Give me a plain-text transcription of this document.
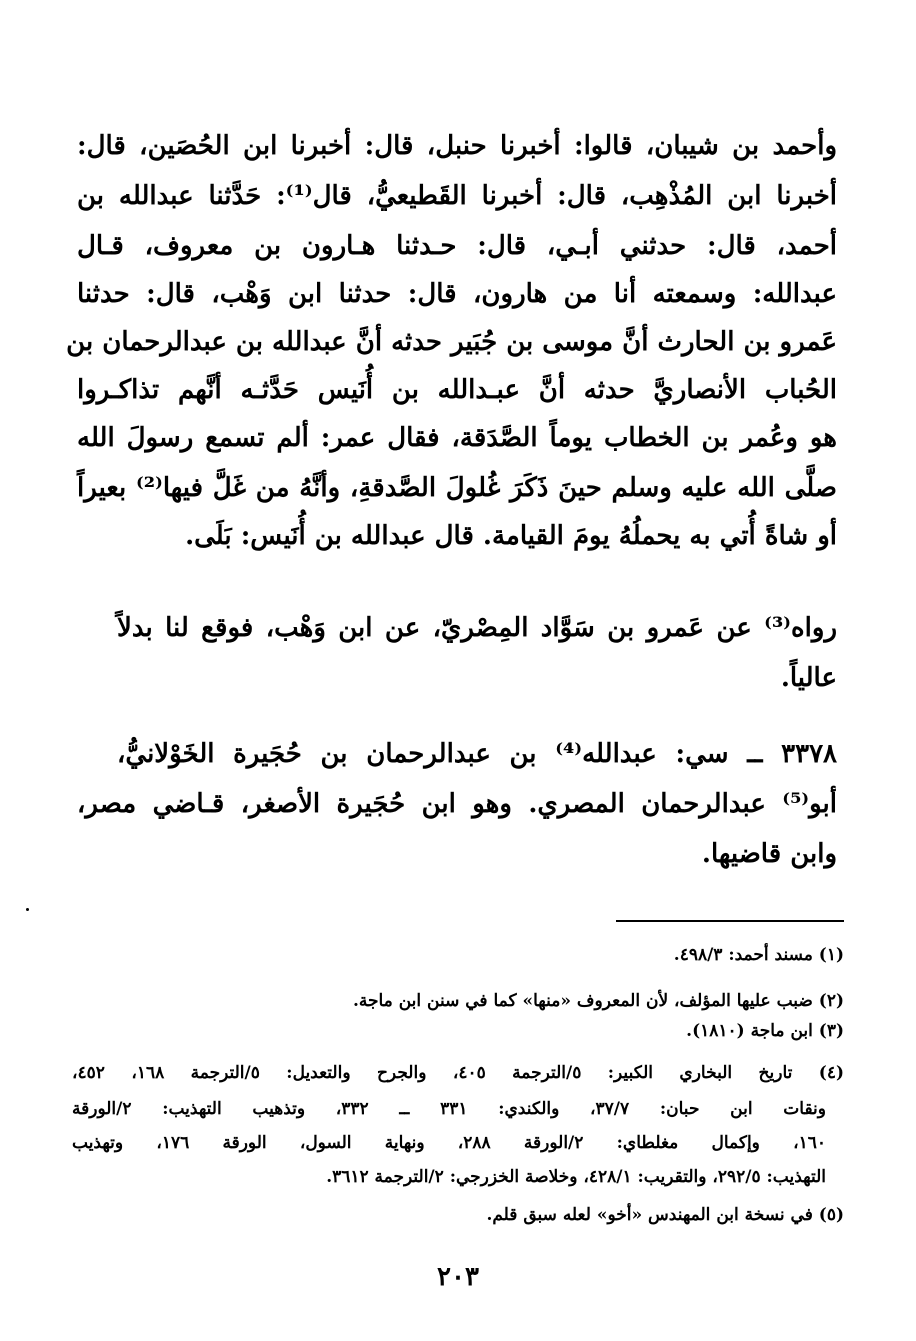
وأحمد بن شيبان، قالوا: أخبرنا حنبل، قال: أخبرنا ابن الحُصَين، قال:
أخبرنا ابن المُذْهِب، قال: أخبرنا القَطيعيُّ، قال⁽¹⁾: حَدَّثنا عبدالله بن
أحمد، قال: حدثني أبـي، قال: حـدثنا هـارون بن معروف، قـال
عبدالله: وسمعته أنا من هارون، قال: حدثنا ابن وَهْب، قال: حدثنا
عَمرو بن الحارث أنَّ موسى بن جُبَير حدثه أنَّ عبدالله بن عبدالرحمان بن
الحُباب الأنصاريَّ حدثه أنَّ عبـدالله بن أُنَيس حَدَّثـه أنَّهم تذاكـروا
هو وعُمر بن الخطاب يوماً الصَّدَقة، فقال عمر: ألم تسمع رسولَ الله
صلَّى الله عليه وسلم حينَ ذَكَرَ غُلولَ الصَّدقةِ، وأنَّهُ من غَلَّ فيها⁽²⁾ بعيراً
أو شاةً أُتي به يحملُهُ يومَ القيامة. قال عبدالله بن أُنَيس: بَلَى.
رواه⁽³⁾ عن عَمرو بن سَوَّاد المِصْريّ، عن ابن وَهْب، فوقع لنا بدلاً
عالياً.
٣٣٧٨ ــ سي: عبدالله⁽⁴⁾ بن عبدالرحمان بن حُجَيرة الخَوْلانيُّ،
أبو⁽⁵⁾ عبدالرحمان المصري. وهو ابن حُجَيرة الأصغر، قـاضي مصر،
وابن قاضيها.
(١) مسند أحمد: ٤٩٨/٣.
(٢) ضبب عليها المؤلف، لأن المعروف «منها» كما في سنن ابن ماجة.
(٣) ابن ماجة (١٨١٠).
(٤) تاريخ البخاري الكبير: ٥/الترجمة ٤٠٥، والجرح والتعديل: ٥/الترجمة ١٦٨، ٤٥٢،
ونقات ابن حبان: ٣٧/٧، والكندي: ٣٣١ ــ ٣٣٢، وتذهيب التهذيب: ٢/الورقة
١٦٠، وإكمال مغلطاي: ٢/الورقة ٢٨٨، ونهاية السول، الورقة ١٧٦، وتهذيب
التهذيب: ٢٩٢/٥، والتقريب: ٤٢٨/١، وخلاصة الخزرجي: ٢/الترجمة ٣٦١٢.
(٥) في نسخة ابن المهندس «أخو» لعله سبق قلم.
٢٠٣
